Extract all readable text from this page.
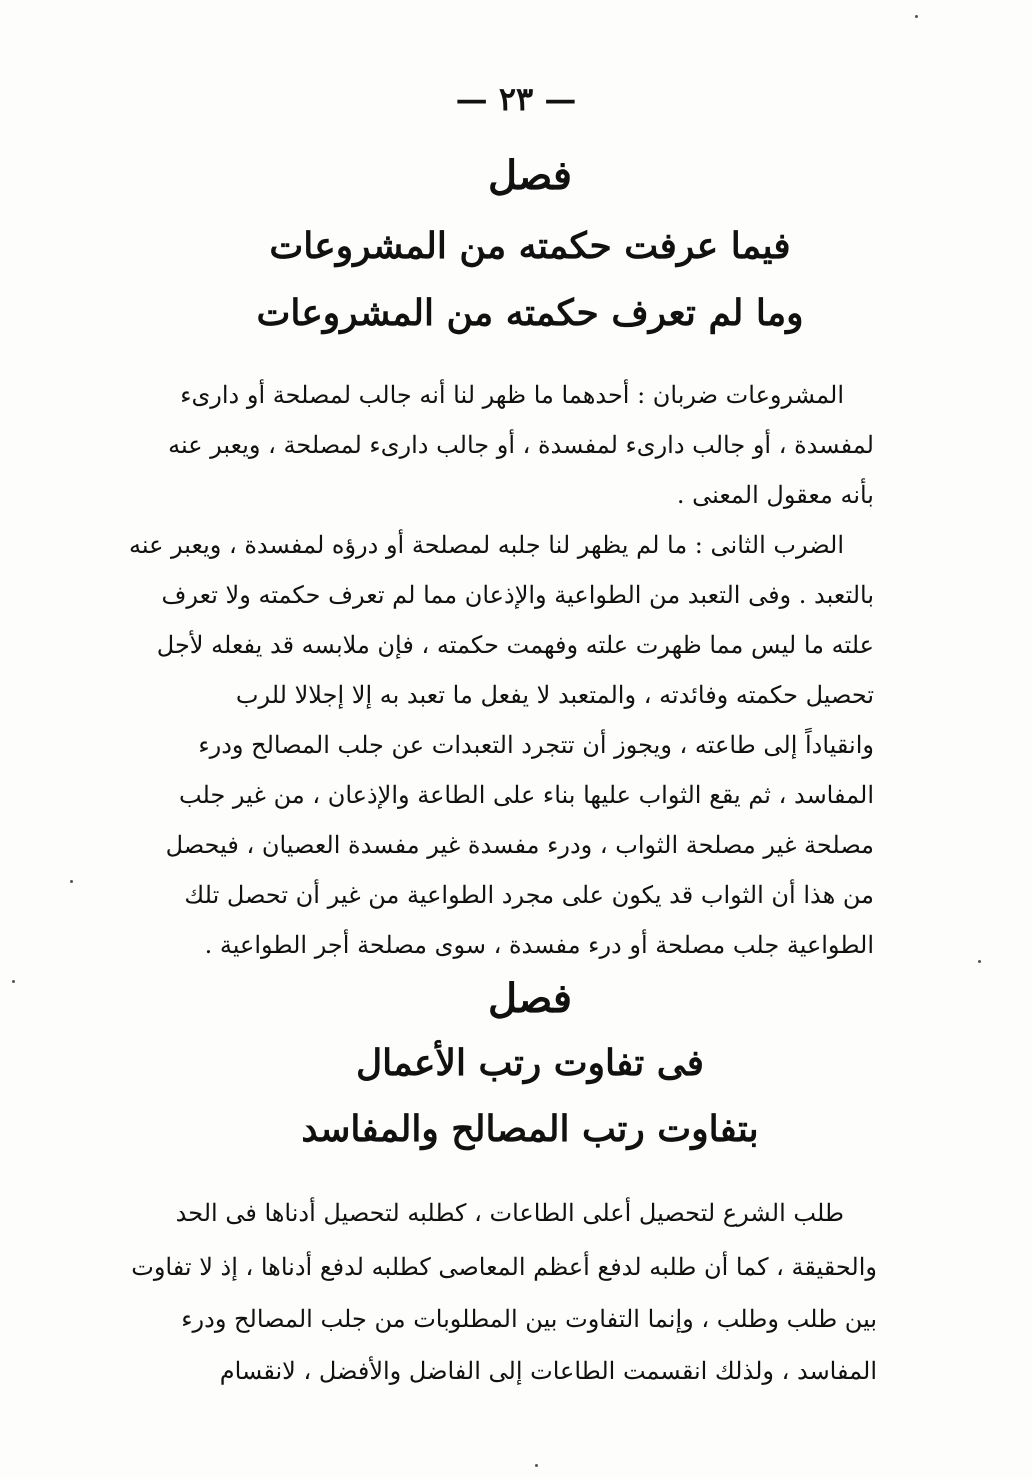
— ٢٣ —
فصل
فيما عرفت حكمته من المشروعات
وما لم تعرف حكمته من المشروعات
المشروعات ضربان : أحدهما ما ظهر لنا أنه جالب لمصلحة أو دارىء
لمفسدة ، أو جالب دارىء لمفسدة ، أو جالب دارىء لمصلحة ، ويعبر عنه
بأنه معقول المعنى .
الضرب الثانى : ما لم يظهر لنا جلبه لمصلحة أو درؤه لمفسدة ، ويعبر عنه
بالتعبد . وفى التعبد من الطواعية والإذعان مما لم تعرف حكمته ولا تعرف
علته ما ليس مما ظهرت علته وفهمت حكمته ، فإن ملابسه قد يفعله لأجل
تحصيل حكمته وفائدته ، والمتعبد لا يفعل ما تعبد به إلا إجلالا للرب
وانقياداً إلى طاعته ، ويجوز أن تتجرد التعبدات عن جلب المصالح ودرء
المفاسد ، ثم يقع الثواب عليها بناء على الطاعة والإذعان ، من غير جلب
مصلحة غير مصلحة الثواب ، ودرء مفسدة غير مفسدة العصيان ، فيحصل
من هذا أن الثواب قد يكون على مجرد الطواعية من غير أن تحصل تلك
الطواعية جلب مصلحة أو درء مفسدة ، سوى مصلحة أجر الطواعية .
فصل
فى تفاوت رتب الأعمال
بتفاوت رتب المصالح والمفاسد
طلب الشرع لتحصيل أعلى الطاعات ، كطلبه لتحصيل أدناها فى الحد
والحقيقة ، كما أن طلبه لدفع أعظم المعاصى كطلبه لدفع أدناها ، إذ لا تفاوت
بين طلب وطلب ، وإنما التفاوت بين المطلوبات من جلب المصالح ودرء
المفاسد ، ولذلك انقسمت الطاعات إلى الفاضل والأفضل ، لانقسام
